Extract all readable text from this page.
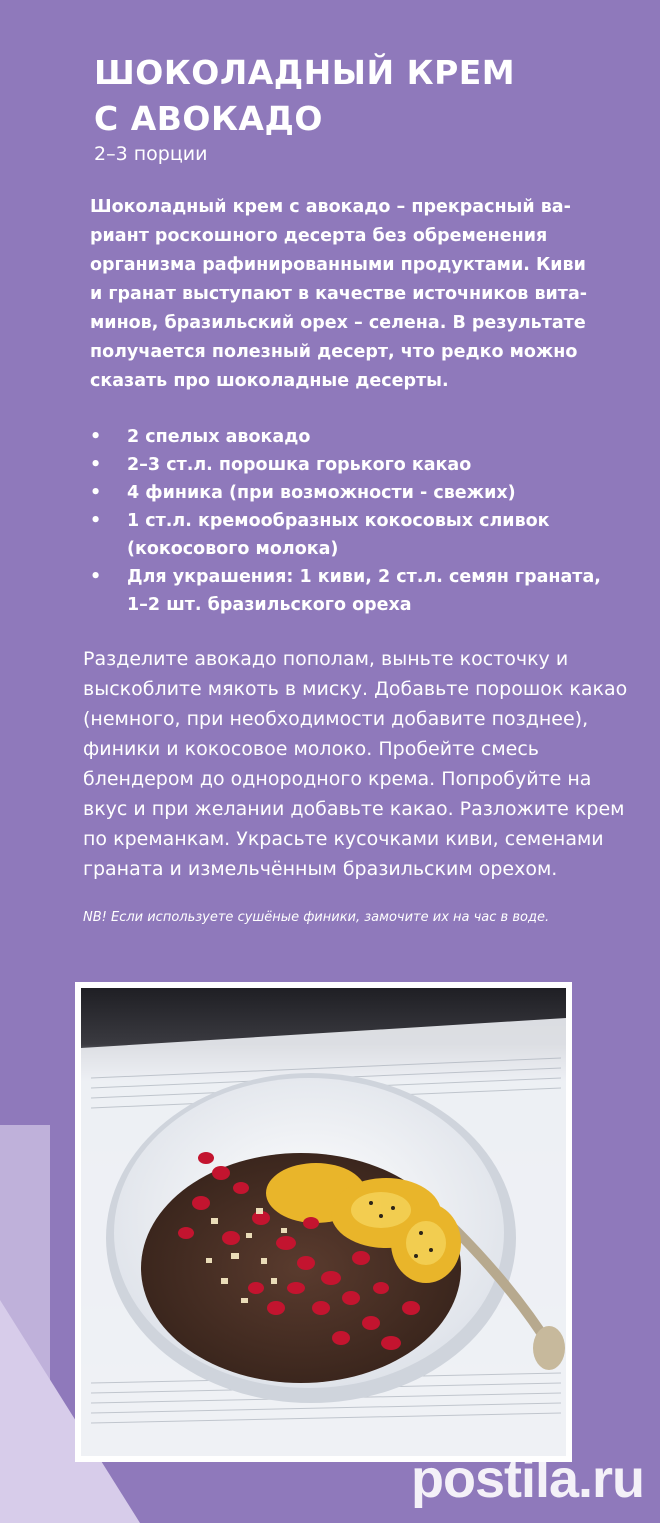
ШОКОЛАДНЫЙ КРЕМ
С АВОКАДО
2–3 порции

Шоколадный крем с авокадо – прекрасный ва-
риант роскошного десерта без обременения
организма рафинированными продуктами. Киви
и гранат выступают в качестве источников вита-
минов, бразильский орех – селена. В результате
получается полезный десерт, что редко можно
сказать про шоколадные десерты.

• 2 спелых авокадо
• 2–3 ст.л. порошка горького какао
• 4 финика (при возможности - свежих)
• 1 ст.л. кремообразных кокосовых сливок
(кокосового молока)
• Для украшения: 1 киви, 2 ст.л. семян граната,
1–2 шт. бразильского ореха

Разделите авокадо пополам, выньте косточку и
выскоблите мякоть в миску. Добавьте порошок какао
(немного, при необходимости добавите позднее),
финики и кокосовое молоко. Пробейте смесь
блендером до однородного крема. Попробуйте на
вкус и при желании добавьте какао. Разложите крем
по креманкам. Украсьте кусочками киви, семенами
граната и измельчённым бразильским орехом.

NB! Если используете сушёные финики, замочите их на час в воде.
postila.ru
